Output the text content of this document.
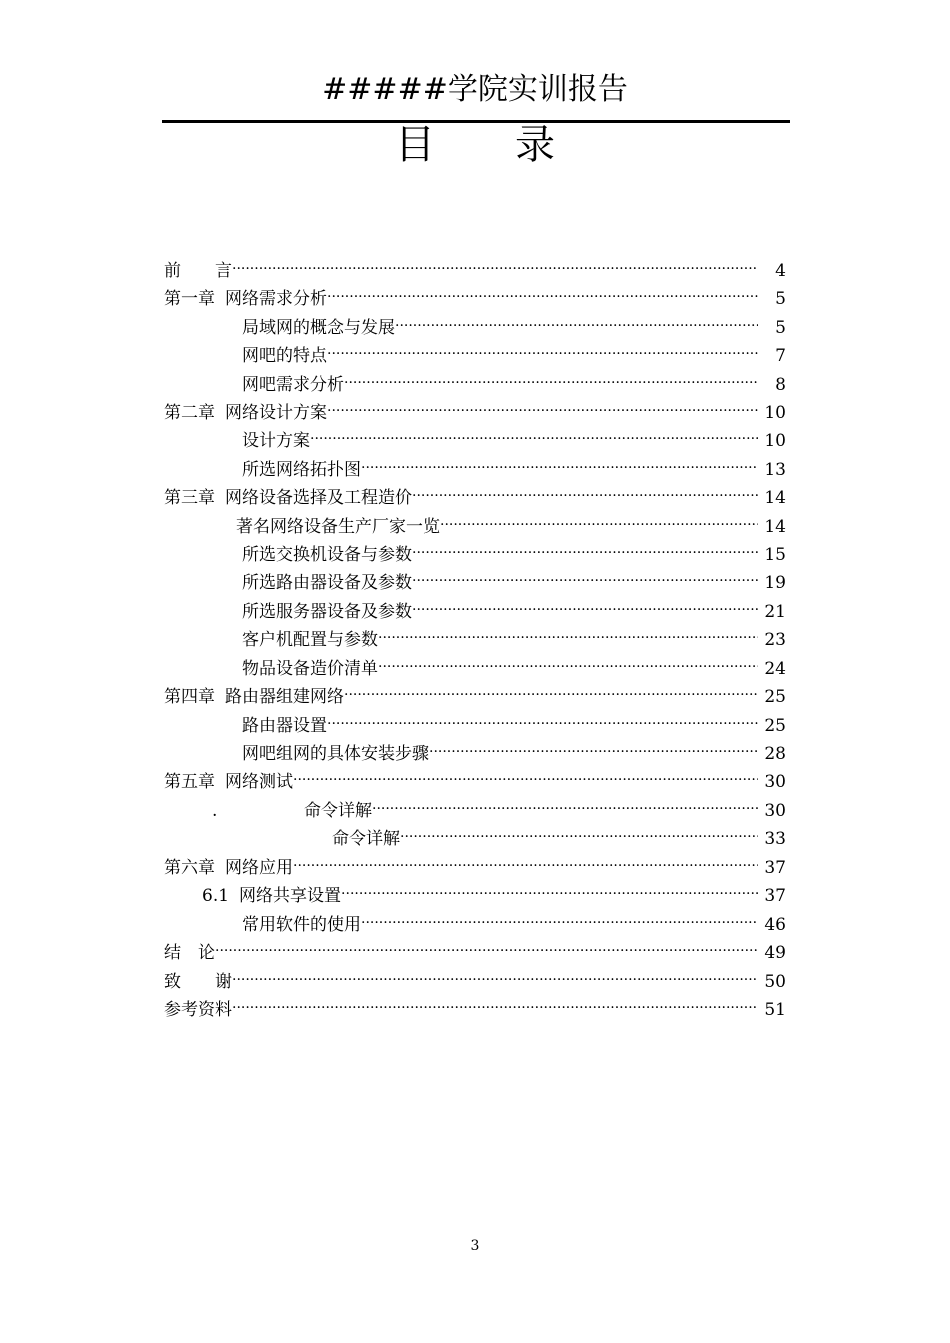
#####学院实训报告
目 录
前　　言 .....	4
第一章 网络需求分析 .....	5
局域网的概念与发展 .....	5
网吧的特点 .....	7
网吧需求分析 .....	8
第二章 网络设计方案 .....	10
设计方案 .....	10
所选网络拓扑图 .....	13
第三章 网络设备选择及工程造价 .....	14
著名网络设备生产厂家一览 .....	14
所选交换机设备与参数 .....	15
所选路由器设备及参数 .....	19
所选服务器设备及参数 .....	21
客户机配置与参数 .....	23
物品设备造价清单 .....	24
第四章 路由器组建网络 .....	25
路由器设置 .....	25
网吧组网的具体安装步骤 .....	28
第五章 网络测试 .....	30
.	命令详解 .....	30
命令详解 .....	33
第六章 网络应用 .....	37
6.1 网络共享设置 .....	37
常用软件的使用 .....	46
结　论 .....	49
致　　谢 .....	50
参考资料 .....	51
3
